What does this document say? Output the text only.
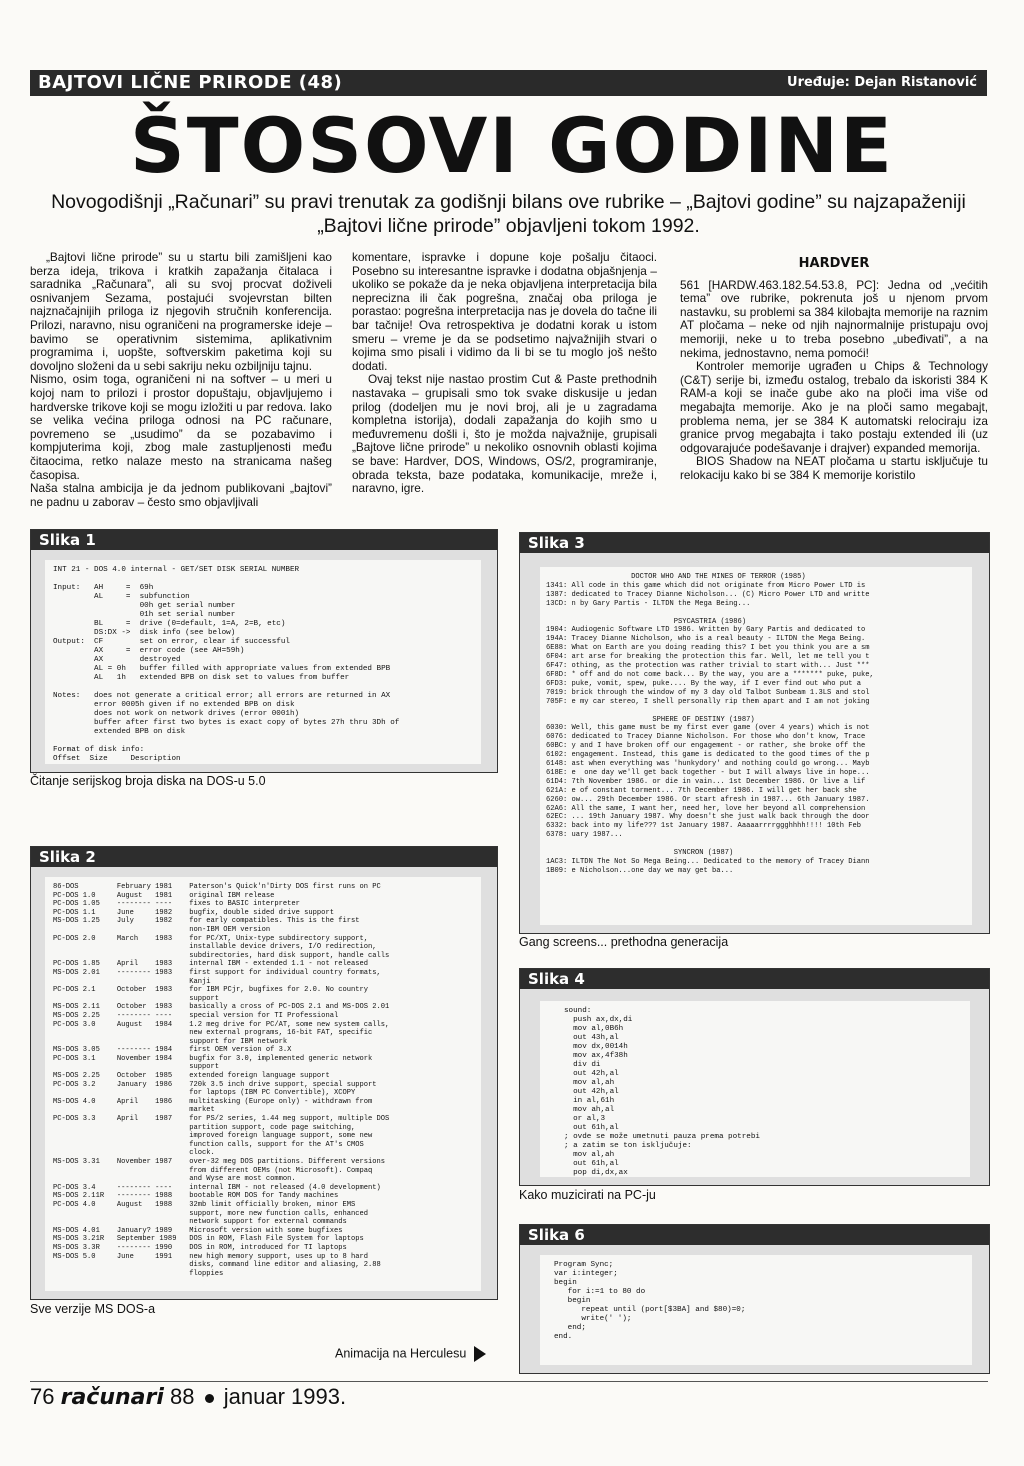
BAJTOVI LIČNE PRIRODE (48)	Uređuje: Dejan Ristanović
ŠTOSOVI GODINE
Novogodišnji „Računari” su pravi trenutak za godišnji bilans ove rubrike – „Bajtovi godine” su najzapaženiji „Bajtovi lične prirode” objavljeni tokom 1992.

„Bajtovi lične prirode” su u startu bili zamišljeni kao berza ideja, trikova i kratkih zapažanja čitalaca i saradnika „Računara”, ali su svoj procvat doživeli osnivanjem Sezama, postajući svojevrstan bilten najznačajnijih priloga iz njegovih stručnih konferencija. Prilozi, naravno, nisu ograničeni na programerske ideje – bavimo se operativnim sistemima, aplikativnim programima i, uopšte, softverskim paketima koji su dovoljno složeni da u sebi sakriju neku ozbiljniju tajnu.

Nismo, osim toga, ograničeni ni na softver – u meri u kojoj nam to prilozi i prostor dopuštaju, objavljujemo i hardverske trikove koji se mogu izložiti u par redova. Iako se velika većina priloga odnosi na PC računare, povremeno se „usudimo” da se pozabavimo i kompjuterima koji, zbog male zastupljenosti među čitaocima, retko nalaze mesto na stranicama našeg časopisa.

Naša stalna ambicija je da jednom publikovani „bajtovi” ne padnu u zaborav – često smo objavljivali

komentare, ispravke i dopune koje pošalju čitaoci. Posebno su interesantne ispravke i dodatna objašnjenja – ukoliko se pokaže da je neka objavljena interpretacija bila neprecizna ili čak pogrešna, značaj oba priloga je porastao: pogrešna interpretacija nas je dovela do tačne ili bar tačnije! Ova retrospektiva je dodatni korak u istom smeru – vreme je da se podsetimo najvažnijih stvari o kojima smo pisali i vidimo da li bi se tu moglo još nešto dodati.

Ovaj tekst nije nastao prostim Cut & Paste prethodnih nastavaka – grupisali smo tok svake diskusije u jedan prilog (dodeljen mu je novi broj, ali je u zagradama kompletna istorija), dodali zapažanja do kojih smo u međuvremenu došli i, što je možda najvažnije, grupisali „Bajtove lične prirode” u nekoliko osnovnih oblasti kojima se bave: Hardver, DOS, Windows, OS/2, programiranje, obrada teksta, baze podataka, komunikacije, mreže i, naravno, igre.

HARDVER

561 [HARDW.463.182.54.53.8, PC]: Jedna od „većitih tema” ove rubrike, pokrenuta još u njenom prvom nastavku, su problemi sa 384 kilobajta memorije na raznim AT pločama – neke od njih najnormalnije pristupaju ovoj memoriji, neke u to treba posebno „ubeđivati”, a na nekima, jednostavno, nema pomoći!

Kontroler memorije ugrađen u Chips & Technology (C&T) serije bi, između ostalog, trebalo da iskoristi 384 K RAM-a koji se inače gube ako na ploči ima više od megabajta memorije. Ako je na ploči samo megabajt, problema nema, jer se 384 K automatski relociraju iza granice prvog megabajta i tako postaju extended ili (uz odgovarajuće podešavanje i drajver) expanded memorija.

BIOS Shadow na NEAT pločama u startu isključuje tu relokaciju kako bi se 384 K memorije koristilo

Slika 1
INT 21 - DOS 4.0 internal - GET/SET DISK SERIAL NUMBER

Input:   AH     =  69h
AL     =  subfunction
00h get serial number
01h set serial number
BL     =  drive (0=default, 1=A, 2=B, etc)
DS:DX ->  disk info (see below)
Output:  CF        set on error, clear if successful
AX     =  error code (see AH=59h)
AX        destroyed
AL = 0h   buffer filled with appropriate values from extended BPB
AL   1h   extended BPB on disk set to values from buffer

Notes:   does not generate a critical error; all errors are returned in AX
error 0005h given if no extended BPB on disk
does not work on network drives (error 0001h)
buffer after first two bytes is exact copy of bytes 27h thru 3Dh of
extended BPB on disk

Format of disk info:
Offset  Size     Description

Čitanje serijskog broja diska na DOS-u 5.0
Slika 2
86-DOS         February 1981    Paterson's Quick'n'Dirty DOS first runs on PC
PC-DOS 1.0     August   1981    original IBM release
PC-DOS 1.05    -------- ----    fixes to BASIC interpreter
PC-DOS 1.1     June     1982    bugfix, double sided drive support
MS-DOS 1.25    July     1982    for early compatibles. This is the first
non-IBM OEM version
PC-DOS 2.0     March    1983    for PC/XT, Unix-type subdirectory support,
installable device drivers, I/O redirection,
subdirectories, hard disk support, handle calls
PC-DOS 1.85    April    1983    internal IBM - extended 1.1 - not released
MS-DOS 2.01    -------- 1983    first support for individual country formats,
Kanji
PC-DOS 2.1     October  1983    for IBM PCjr, bugfixes for 2.0. No country
support
MS-DOS 2.11    October  1983    basically a cross of PC-DOS 2.1 and MS-DOS 2.01
MS-DOS 2.25    -------- ----    special version for TI Professional
PC-DOS 3.0     August   1984    1.2 meg drive for PC/AT, some new system calls,
new external programs, 16-bit FAT, specific
support for IBM network
MS-DOS 3.05    -------- 1984    first OEM version of 3.X
PC-DOS 3.1     November 1984    bugfix for 3.0, implemented generic network
support
MS-DOS 2.25    October  1985    extended foreign language support
PC-DOS 3.2     January  1986    720k 3.5 inch drive support, special support
for laptops (IBM PC Convertible), XCOPY
MS-DOS 4.0     April    1986    multitasking (Europe only) - withdrawn from
market
PC-DOS 3.3     April    1987    for PS/2 series, 1.44 meg support, multiple DOS
partition support, code page switching,
improved foreign language support, some new
function calls, support for the AT's CMOS
clock.
MS-DOS 3.31    November 1987    over-32 meg DOS partitions. Different versions
from different OEMs (not Microsoft). Compaq
and Wyse are most common.
PC-DOS 3.4     -------- ----    internal IBM - not released (4.0 development)
MS-DOS 2.11R   -------- 1988    bootable ROM DOS for Tandy machines
PC-DOS 4.0     August   1988    32mb limit officially broken, minor EMS
support, more new function calls, enhanced
network support for external commands
MS-DOS 4.01    January? 1989    Microsoft version with some bugfixes
MS-DOS 3.21R   September 1989   DOS in ROM, Flash File System for laptops
MS-DOS 3.3R    -------- 1990    DOS in ROM, introduced for TI laptops
MS-DOS 5.0     June     1991    new high memory support, uses up to 8 hard
disks, command line editor and aliasing, 2.88
floppies
Sve verzije MS DOS-a
Slika 3
DOCTOR WHO AND THE MINES OF TERROR (1985)
1341: All code in this game which did not originate from Micro Power LTD is
1387: dedicated to Tracey Dianne Nicholson... (C) Micro Power LTD and writte
13CD: n by Gary Partis - ILTDN the Mega Being...

PSYCASTRIA (1986)
1904: Audiogenic Software LTD 1986. Written by Gary Partis and dedicated to
194A: Tracey Dianne Nicholson, who is a real beauty - ILTDN the Mega Being.
6E88: What on Earth are you doing reading this? I bet you think you are a sm
6F04: art arse for breaking the protection this far. Well, let me tell you t
6F47: othing, as the protection was rather trivial to start with... Just ***
6F8D: * off and do not come back... By the way, you are a ******* puke, puke,
6FD3: puke, vomit, spew, puke.... By the way, if I ever find out who put a
7019: brick through the window of my 3 day old Talbot Sunbeam 1.3LS and stol
705F: e my car stereo, I shell personally rip them apart and I am not joking

SPHERE OF DESTINY (1987)
6030: Well, this game must be my first ever game (over 4 years) which is not
6076: dedicated to Tracey Dianne Nicholson. For those who don't know, Trace
60BC: y and I have broken off our engagement - or rather, she broke off the
6102: engagement. Instead, this game is dedicated to the good times of the p
6148: ast when everything was 'hunkydory' and nothing could go wrong... Mayb
618E: e  one day we'll get back together - but I will always live in hope...
61D4: 7th November 1986. or die in vain... 1st December 1986. Or live a lif
621A: e of constant torment... 7th December 1986. I will get her back she
6260: ow... 29th December 1986. Or start afresh in 1987... 6th January 1987.
62A6: All the same, I want her, need her, love her beyond all comprehension
62EC: ... 19th January 1987. Why doesn't she just walk back through the door
6332: back into my life??? 1st January 1987. Aaaaarrrrggghhhh!!!! 10th Feb
6378: uary 1987...

SYNCRON (1987)
1AC3: ILTDN The Not So Mega Being... Dedicated to the memory of Tracey Diann
1B09: e Nicholson...one day we may get ba...
Gang screens... prethodna generacija
Slika 4
sound:
push ax,dx,di
mov al,0B6h
out 43h,al
mov dx,0014h
mov ax,4f38h
div di
out 42h,al
mov al,ah
out 42h,al
in al,61h
mov ah,al
or al,3
out 61h,al
; ovde se može umetnuti pauza prema potrebi
; a zatim se ton isključuje:
mov al,ah
out 61h,al
pop di,dx,ax
Kako muzicirati na PC-ju
Slika 6
Program Sync;
var i:integer;
begin
for i:=1 to 80 do
begin
repeat until (port[$3BA] and $80)=0;
write(' ');
end;
end.
Animacija na Herculesu
76 računari 88 januar 1993.
